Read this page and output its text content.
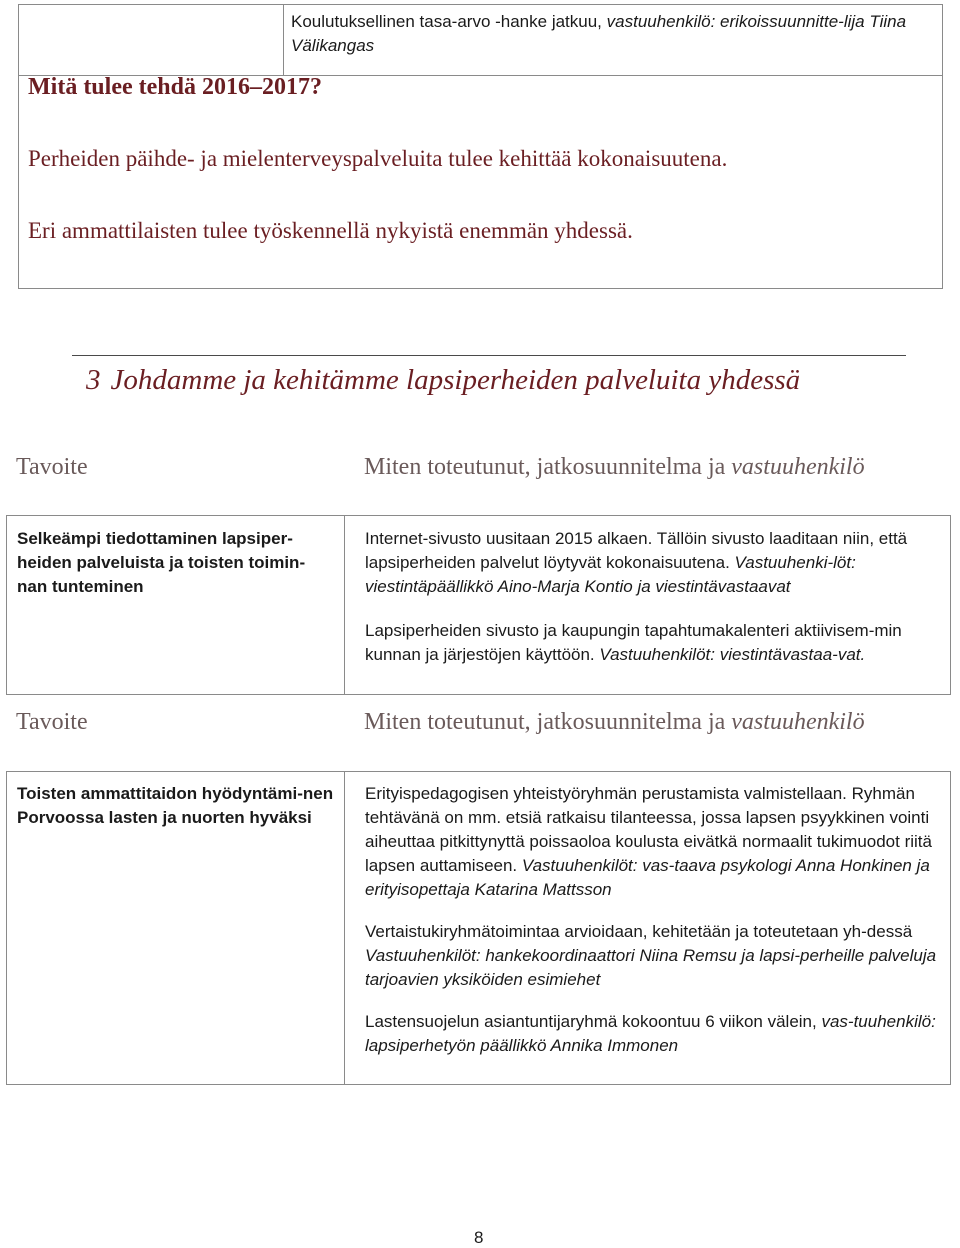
Koulutuksellinen tasa-arvo -hanke jatkuu, vastuuhenkilö: erikoissuunnitte-lija Tiina Välikangas
Mitä tulee tehdä 2016–2017?
Perheiden päihde- ja mielenterveyspalveluita tulee kehittää kokonaisuutena.
Eri ammattilaisten tulee työskennellä nykyistä enemmän yhdessä.
3 Johdamme ja kehitämme lapsiperheiden palveluita yhdessä
Tavoite	Miten toteutunut, jatkosuunnitelma ja vastuuhenkilö
Selkeämpi tiedottaminen lapsiper-heiden palveluista ja toisten toimin-nan tunteminen

Internet-sivusto uusitaan 2015 alkaen. Tällöin sivusto laaditaan niin, että lapsiperheiden palvelut löytyvät kokonaisuutena. Vastuuhenki-löt: viestintäpäällikkö Aino-Marja Kontio ja viestintävastaavat

Lapsiperheiden sivusto ja kaupungin tapahtumakalenteri aktiivisem-min kunnan ja järjestöjen käyttöön. Vastuuhenkilöt: viestintävastaa-vat.

Tavoite	Miten toteutunut, jatkosuunnitelma ja vastuuhenkilö
Toisten ammattitaidon hyödyntämi-nen Porvoossa lasten ja nuorten hyväksi

Erityispedagogisen yhteistyöryhmän perustamista valmistellaan. Ryhmän tehtävänä on mm. etsiä ratkaisu tilanteessa, jossa lapsen psyykkinen vointi aiheuttaa pitkittynyttä poissaoloa koulusta eivätkä normaalit tukimuodot riitä lapsen auttamiseen. Vastuuhenkilöt: vas-taava psykologi Anna Honkinen ja erityisopettaja Katarina Mattsson

Vertaistukiryhmätoimintaa arvioidaan, kehitetään ja toteutetaan yh-dessä Vastuuhenkilöt: hankekoordinaattori Niina Remsu ja lapsi-perheille palveluja tarjoavien yksiköiden esimiehet

Lastensuojelun asiantuntijaryhmä kokoontuu 6 viikon välein, vas-tuuhenkilö: lapsiperhetyön päällikkö Annika Immonen

8
